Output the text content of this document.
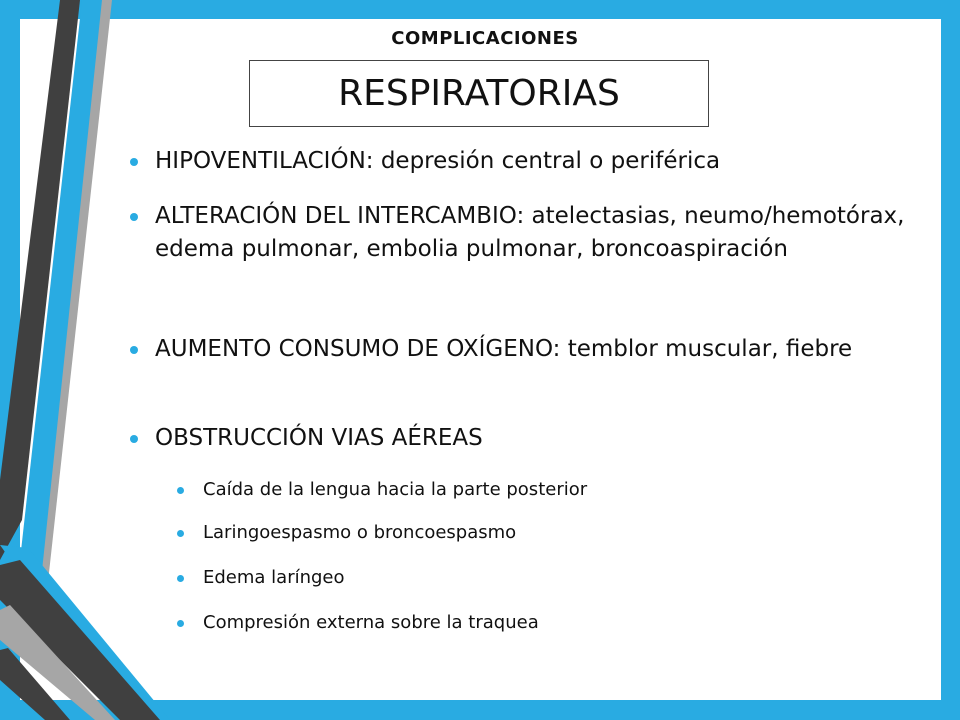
COMPLICACIONES
RESPIRATORIAS
HIPOVENTILACIÓN: depresión central o periférica
ALTERACIÓN DEL INTERCAMBIO: atelectasias, neumo/hemotórax, edema pulmonar, embolia pulmonar, broncoaspiración
AUMENTO CONSUMO DE OXÍGENO: temblor muscular, fiebre
OBSTRUCCIÓN VIAS AÉREAS
Caída de la lengua hacia la parte posterior
Laringoespasmo o broncoespasmo
Edema laríngeo
Compresión externa sobre la traquea
